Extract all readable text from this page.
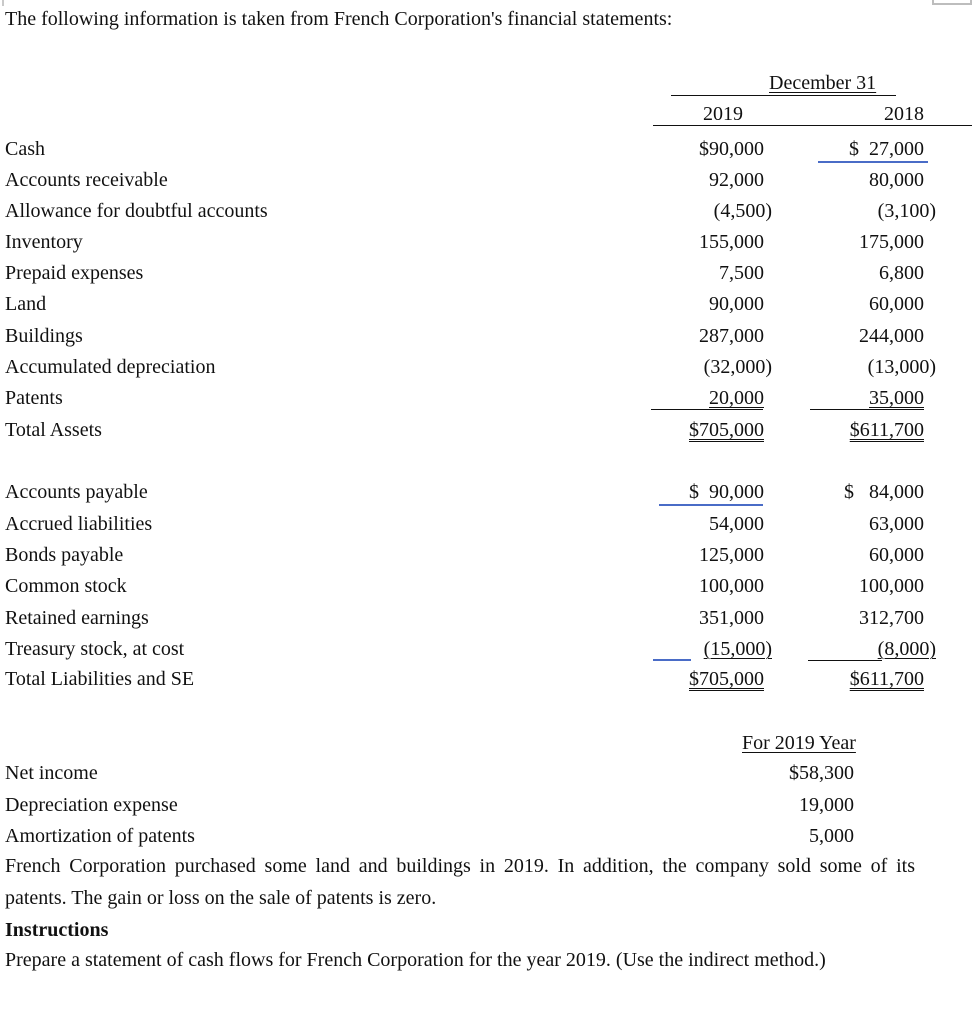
The following information is taken from French Corporation's financial statements:
December 31
2019	2018
Cash	$90,000	$  27,000
Accounts receivable	92,000	80,000
Allowance for doubtful accounts	(4,500)	(3,100)
Inventory	155,000	175,000
Prepaid expenses	7,500	6,800
Land	90,000	60,000
Buildings	287,000	244,000
Accumulated depreciation	(32,000)	(13,000)
Patents	20,000	35,000
Total Assets	$705,000	$611,700
Accounts payable	$  90,000	$   84,000
Accrued liabilities	54,000	63,000
Bonds payable	125,000	60,000
Common stock	100,000	100,000
Retained earnings	351,000	312,700
Treasury stock, at cost	(15,000)	(8,000)
Total Liabilities and SE	$705,000	$611,700
For 2019 Year
Net income	$58,300
Depreciation expense	19,000
Amortization of patents	5,000
French Corporation purchased some land and buildings in 2019. In addition, the company sold some of its patents. The gain or loss on the sale of patents is zero.
Instructions
Prepare a statement of cash flows for French Corporation for the year 2019. (Use the indirect method.)
